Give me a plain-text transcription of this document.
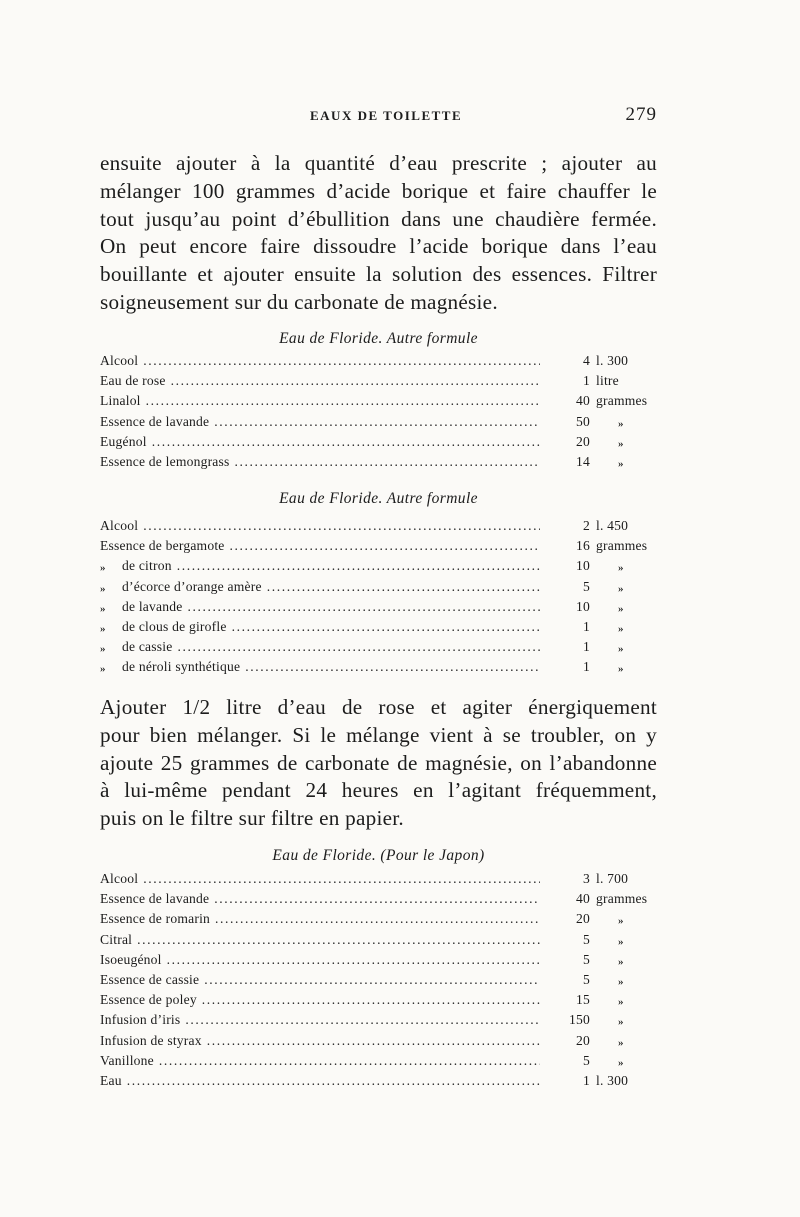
EAUX DE TOILETTE	279
ensuite ajouter à la quantité d’eau prescrite ; ajouter au
mélanger 100 grammes d’acide borique et faire chauffer le
tout jusqu’au point d’ébullition dans une chaudière fermée.
On peut encore faire dissoudre l’acide borique dans l’eau
bouillante et ajouter ensuite la solution des essences. Filtrer
soigneusement sur du carbonate de magnésie.
Eau de Floride. Autre formule
Alcool .....	4 l. 300
Eau de rose .....	1 litre
Linalol .....	40 grammes
Essence de lavande .....	50	»
Eugénol .....	20	»
Essence de lemongrass .....	14	»
Eau de Floride. Autre formule
Alcool .....	2 l. 450
Essence de bergamote .....	16 grammes
»	de citron .....	10	»
»	d’écorce d’orange amère .....	5	»
»	de lavande .....	10	»
»	de clous de girofle .....	1	»
»	de cassie .....	1	»
»	de néroli synthétique .....	1	»
Ajouter 1/2 litre d’eau de rose et agiter énergiquement
pour bien mélanger. Si le mélange vient à se troubler, on y
ajoute 25 grammes de carbonate de magnésie, on l’abandonne
à lui-même pendant 24 heures en l’agitant fréquemment,
puis on le filtre sur filtre en papier.
Eau de Floride. (Pour le Japon)
Alcool .....	3 l. 700
Essence de lavande .....	40 grammes
Essence de romarin .....	20	»
Citral .....	5	»
Isoeugénol .....	5	»
Essence de cassie .....	5	»
Essence de poley .....	15	»
Infusion d’iris .....	150	»
Infusion de styrax .....	20	»
Vanillone .....	5	»
Eau .....	1 l. 300
